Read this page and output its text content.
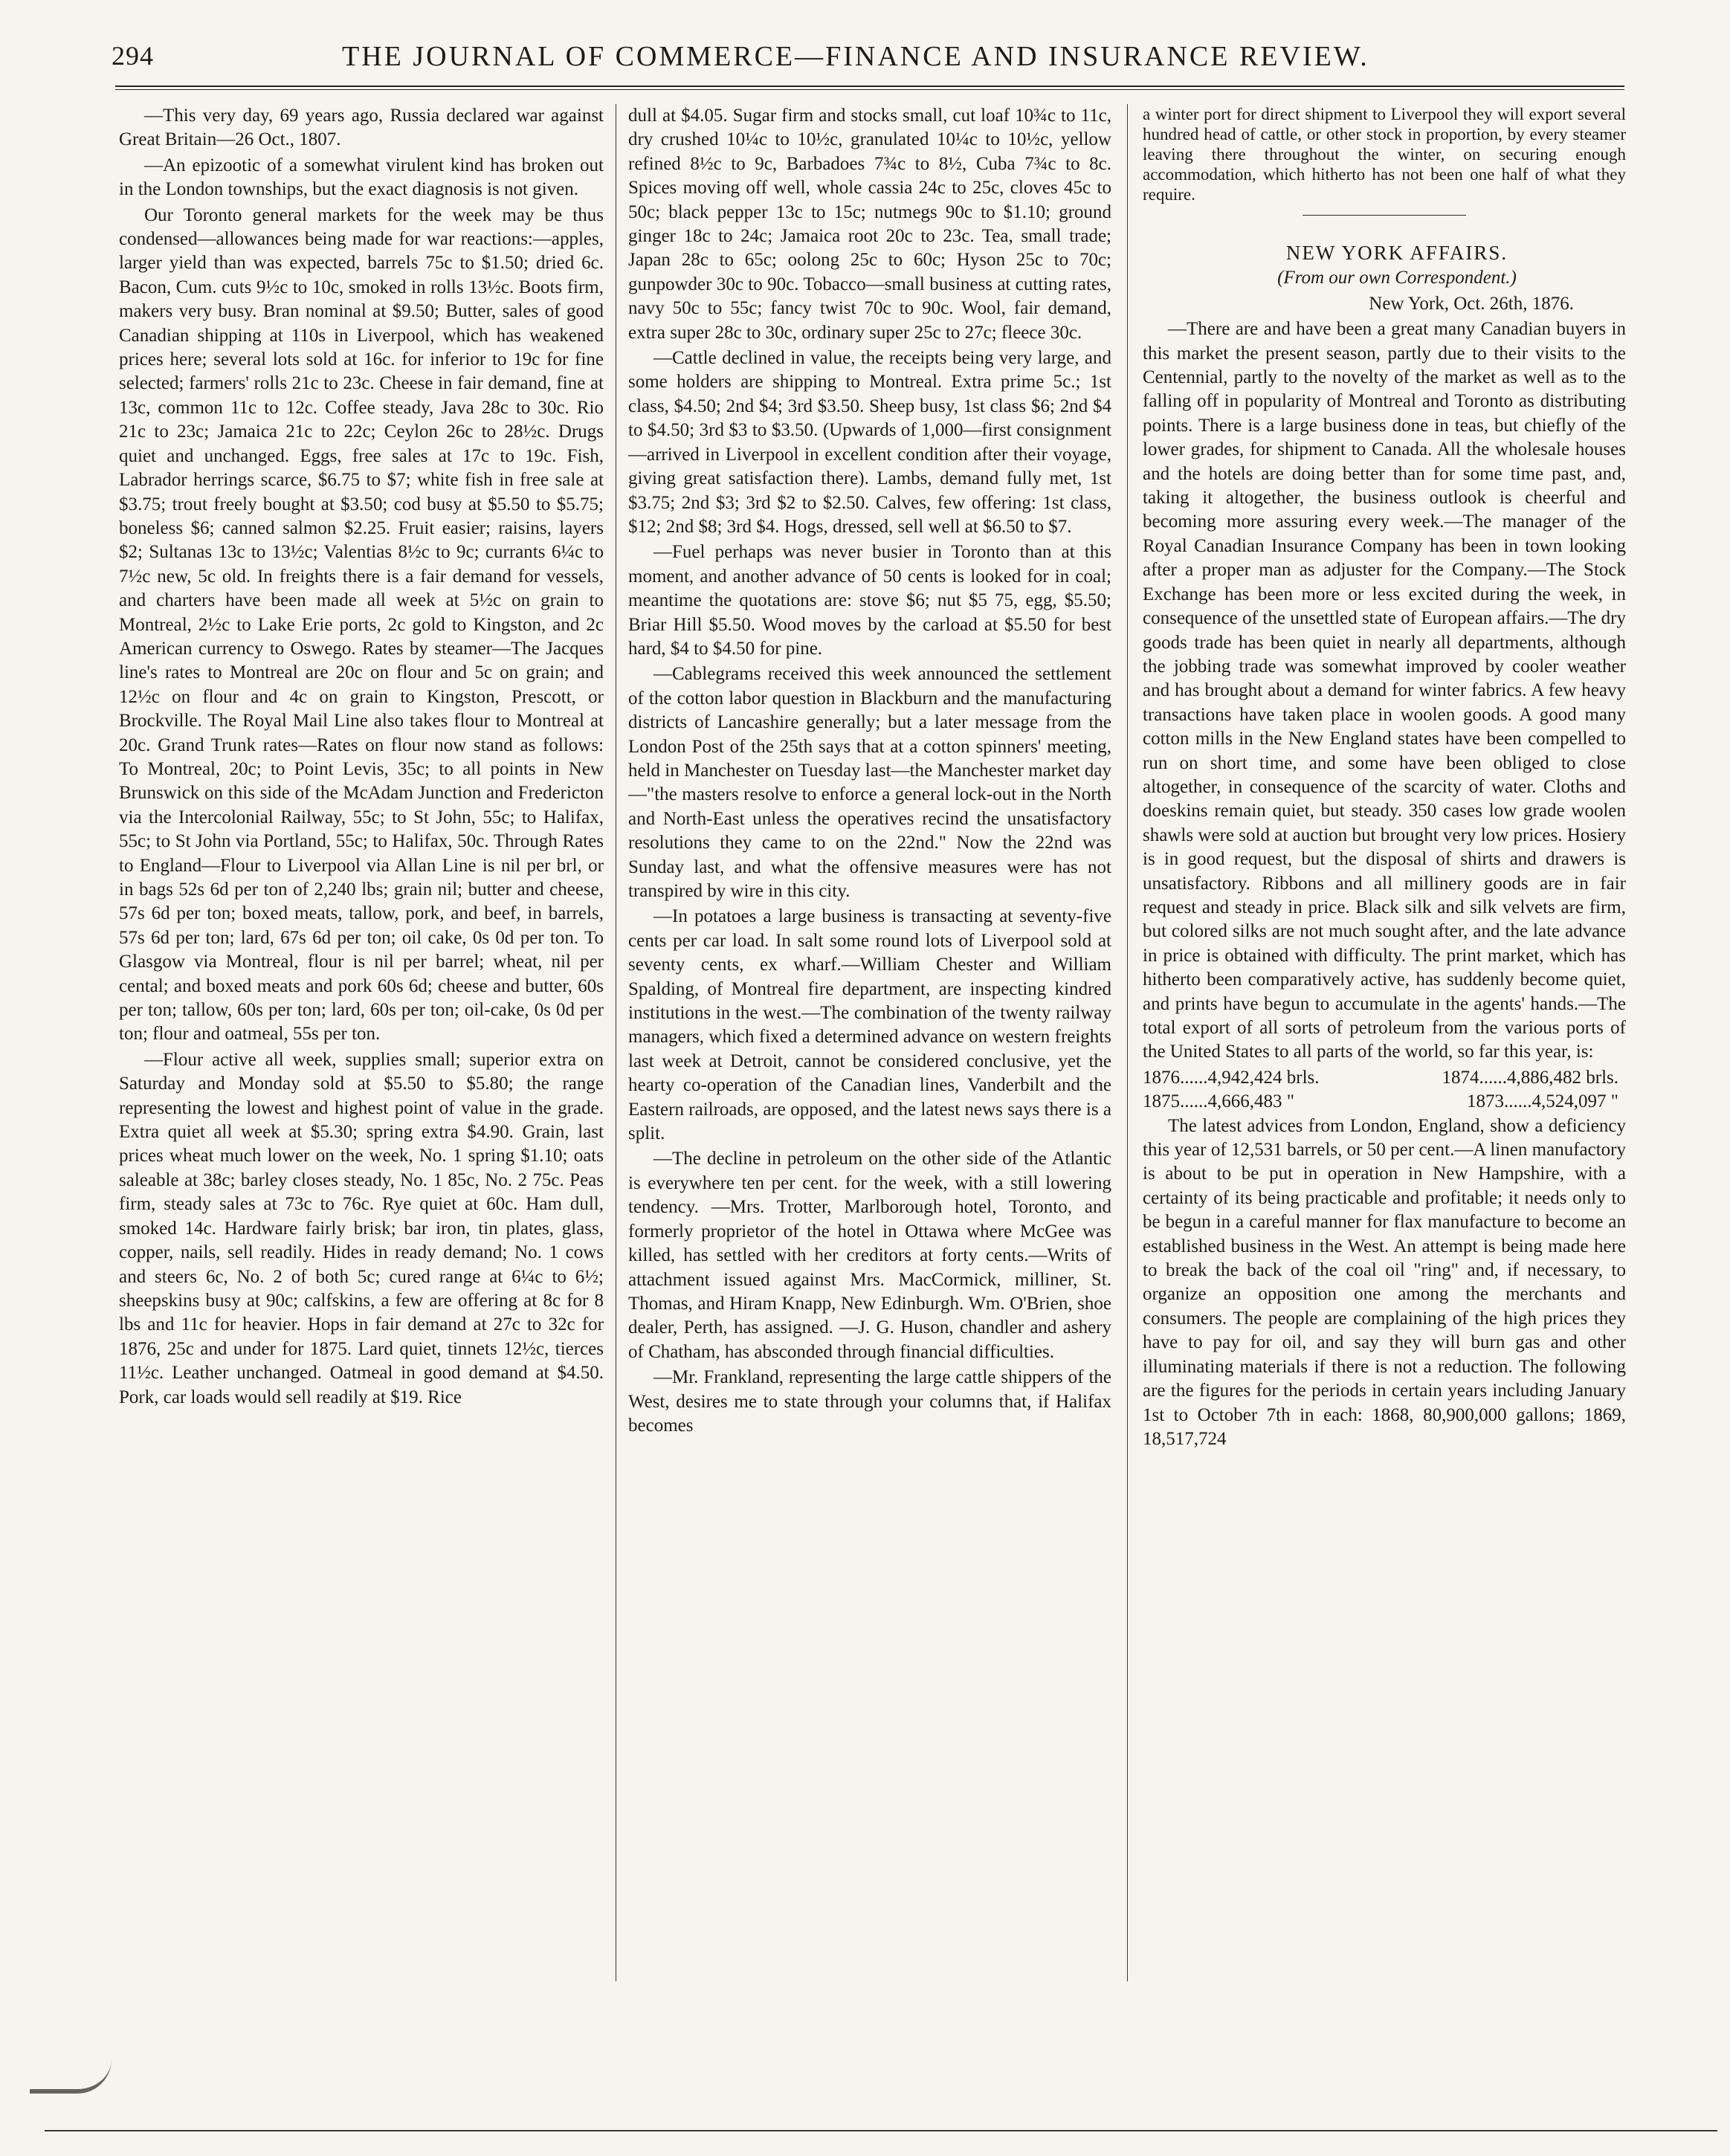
294	THE JOURNAL OF COMMERCE—FINANCE AND INSURANCE REVIEW.

—This very day, 69 years ago, Russia declared war against Great Britain—26 Oct., 1807.

—An epizootic of a somewhat virulent kind has broken out in the London townships, but the exact diagnosis is not given.

Our Toronto general markets for the week may be thus condensed—allowances being made for war reactions:—apples, larger yield than was expected, barrels 75c to $1.50; dried 6c. Bacon, Cum. cuts 9½c to 10c, smoked in rolls 13½c. Boots firm, makers very busy. Bran nominal at $9.50; Butter, sales of good Canadian shipping at 110s in Liverpool, which has weakened prices here; several lots sold at 16c. for inferior to 19c for fine selected; farmers' rolls 21c to 23c. Cheese in fair demand, fine at 13c, common 11c to 12c. Coffee steady, Java 28c to 30c. Rio 21c to 23c; Jamaica 21c to 22c; Ceylon 26c to 28½c. Drugs quiet and unchanged. Eggs, free sales at 17c to 19c. Fish, Labrador herrings scarce, $6.75 to $7; white fish in free sale at $3.75; trout freely bought at $3.50; cod busy at $5.50 to $5.75; boneless $6; canned salmon $2.25. Fruit easier; raisins, layers $2; Sultanas 13c to 13½c; Valentias 8½c to 9c; currants 6¼c to 7½c new, 5c old. In freights there is a fair demand for vessels, and charters have been made all week at 5½c on grain to Montreal, 2½c to Lake Erie ports, 2c gold to Kingston, and 2c American currency to Oswego. Rates by steamer—The Jacques line's rates to Montreal are 20c on flour and 5c on grain; and 12½c on flour and 4c on grain to Kingston, Prescott, or Brockville. The Royal Mail Line also takes flour to Montreal at 20c. Grand Trunk rates—Rates on flour now stand as follows: To Montreal, 20c; to Point Levis, 35c; to all points in New Brunswick on this side of the McAdam Junction and Fredericton via the Intercolonial Railway, 55c; to St John, 55c; to Halifax, 55c; to St John via Portland, 55c; to Halifax, 50c. Through Rates to England—Flour to Liverpool via Allan Line is nil per brl, or in bags 52s 6d per ton of 2,240 lbs; grain nil; butter and cheese, 57s 6d per ton; boxed meats, tallow, pork, and beef, in barrels, 57s 6d per ton; lard, 67s 6d per ton; oil cake, 0s 0d per ton. To Glasgow via Montreal, flour is nil per barrel; wheat, nil per cental; and boxed meats and pork 60s 6d; cheese and butter, 60s per ton; tallow, 60s per ton; lard, 60s per ton; oil-cake, 0s 0d per ton; flour and oatmeal, 55s per ton.

—Flour active all week, supplies small; superior extra on Saturday and Monday sold at $5.50 to $5.80; the range representing the lowest and highest point of value in the grade. Extra quiet all week at $5.30; spring extra $4.90. Grain, last prices wheat much lower on the week, No. 1 spring $1.10; oats saleable at 38c; barley closes steady, No. 1 85c, No. 2 75c. Peas firm, steady sales at 73c to 76c. Rye quiet at 60c. Ham dull, smoked 14c. Hardware fairly brisk; bar iron, tin plates, glass, copper, nails, sell readily. Hides in ready demand; No. 1 cows and steers 6c, No. 2 of both 5c; cured range at 6¼c to 6½; sheepskins busy at 90c; calfskins, a few are offering at 8c for 8 lbs and 11c for heavier. Hops in fair demand at 27c to 32c for 1876, 25c and under for 1875. Lard quiet, tinnets 12½c, tierces 11½c. Leather unchanged. Oatmeal in good demand at $4.50. Pork, car loads would sell readily at $19. Rice

dull at $4.05. Sugar firm and stocks small, cut loaf 10¾c to 11c, dry crushed 10¼c to 10½c, granulated 10¼c to 10½c, yellow refined 8½c to 9c, Barbadoes 7¾c to 8½, Cuba 7¾c to 8c. Spices moving off well, whole cassia 24c to 25c, cloves 45c to 50c; black pepper 13c to 15c; nutmegs 90c to $1.10; ground ginger 18c to 24c; Jamaica root 20c to 23c. Tea, small trade; Japan 28c to 65c; oolong 25c to 60c; Hyson 25c to 70c; gunpowder 30c to 90c. Tobacco—small business at cutting rates, navy 50c to 55c; fancy twist 70c to 90c. Wool, fair demand, extra super 28c to 30c, ordinary super 25c to 27c; fleece 30c.

—Cattle declined in value, the receipts being very large, and some holders are shipping to Montreal. Extra prime 5c.; 1st class, $4.50; 2nd $4; 3rd $3.50. Sheep busy, 1st class $6; 2nd $4 to $4.50; 3rd $3 to $3.50. (Upwards of 1,000—first consignment—arrived in Liverpool in excellent condition after their voyage, giving great satisfaction there). Lambs, demand fully met, 1st $3.75; 2nd $3; 3rd $2 to $2.50. Calves, few offering: 1st class, $12; 2nd $8; 3rd $4. Hogs, dressed, sell well at $6.50 to $7.

—Fuel perhaps was never busier in Toronto than at this moment, and another advance of 50 cents is looked for in coal; meantime the quotations are: stove $6; nut $5 75, egg, $5.50; Briar Hill $5.50. Wood moves by the carload at $5.50 for best hard, $4 to $4.50 for pine.

—Cablegrams received this week announced the settlement of the cotton labor question in Blackburn and the manufacturing districts of Lancashire generally; but a later message from the London Post of the 25th says that at a cotton spinners' meeting, held in Manchester on Tuesday last—the Manchester market day—"the masters resolve to enforce a general lock-out in the North and North-East unless the operatives recind the unsatisfactory resolutions they came to on the 22nd." Now the 22nd was Sunday last, and what the offensive measures were has not transpired by wire in this city.

—In potatoes a large business is transacting at seventy-five cents per car load. In salt some round lots of Liverpool sold at seventy cents, ex wharf.—William Chester and William Spalding, of Montreal fire department, are inspecting kindred institutions in the west.—The combination of the twenty railway managers, which fixed a determined advance on western freights last week at Detroit, cannot be considered conclusive, yet the hearty co-operation of the Canadian lines, Vanderbilt and the Eastern railroads, are opposed, and the latest news says there is a split.

—The decline in petroleum on the other side of the Atlantic is everywhere ten per cent. for the week, with a still lowering tendency. —Mrs. Trotter, Marlborough hotel, Toronto, and formerly proprietor of the hotel in Ottawa where McGee was killed, has settled with her creditors at forty cents.—Writs of attachment issued against Mrs. MacCormick, milliner, St. Thomas, and Hiram Knapp, New Edinburgh. Wm. O'Brien, shoe dealer, Perth, has assigned. —J. G. Huson, chandler and ashery of Chatham, has absconded through financial difficulties.

—Mr. Frankland, representing the large cattle shippers of the West, desires me to state through your columns that, if Halifax becomes

a winter port for direct shipment to Liverpool they will export several hundred head of cattle, or other stock in proportion, by every steamer leaving there throughout the winter, on securing enough accommodation, which hitherto has not been one half of what they require.

NEW YORK AFFAIRS.

(From our own Correspondent.)

New York, Oct. 26th, 1876.

—There are and have been a great many Canadian buyers in this market the present season, partly due to their visits to the Centennial, partly to the novelty of the market as well as to the falling off in popularity of Montreal and Toronto as distributing points. There is a large business done in teas, but chiefly of the lower grades, for shipment to Canada. All the wholesale houses and the hotels are doing better than for some time past, and, taking it altogether, the business outlook is cheerful and becoming more assuring every week.—The manager of the Royal Canadian Insurance Company has been in town looking after a proper man as adjuster for the Company.—The Stock Exchange has been more or less excited during the week, in consequence of the unsettled state of European affairs.—The dry goods trade has been quiet in nearly all departments, although the jobbing trade was somewhat improved by cooler weather and has brought about a demand for winter fabrics. A few heavy transactions have taken place in woolen goods. A good many cotton mills in the New England states have been compelled to run on short time, and some have been obliged to close altogether, in consequence of the scarcity of water. Cloths and doeskins remain quiet, but steady. 350 cases low grade woolen shawls were sold at auction but brought very low prices. Hosiery is in good request, but the disposal of shirts and drawers is unsatisfactory. Ribbons and all millinery goods are in fair request and steady in price. Black silk and silk velvets are firm, but colored silks are not much sought after, and the late advance in price is obtained with difficulty. The print market, which has hitherto been comparatively active, has suddenly become quiet, and prints have begun to accumulate in the agents' hands.—The total export of all sorts of petroleum from the various ports of the United States to all parts of the world, so far this year, is:

1876......4,942,424 brls.	1874......4,886,482 brls.
1875......4,666,483 "	1873......4,524,097 "

The latest advices from London, England, show a deficiency this year of 12,531 barrels, or 50 per cent.—A linen manufactory is about to be put in operation in New Hampshire, with a certainty of its being practicable and profitable; it needs only to be begun in a careful manner for flax manufacture to become an established business in the West. An attempt is being made here to break the back of the coal oil "ring" and, if necessary, to organize an opposition one among the merchants and consumers. The people are complaining of the high prices they have to pay for oil, and say they will burn gas and other illuminating materials if there is not a reduction. The following are the figures for the periods in certain years including January 1st to October 7th in each: 1868, 80,900,000 gallons; 1869, 18,517,724
